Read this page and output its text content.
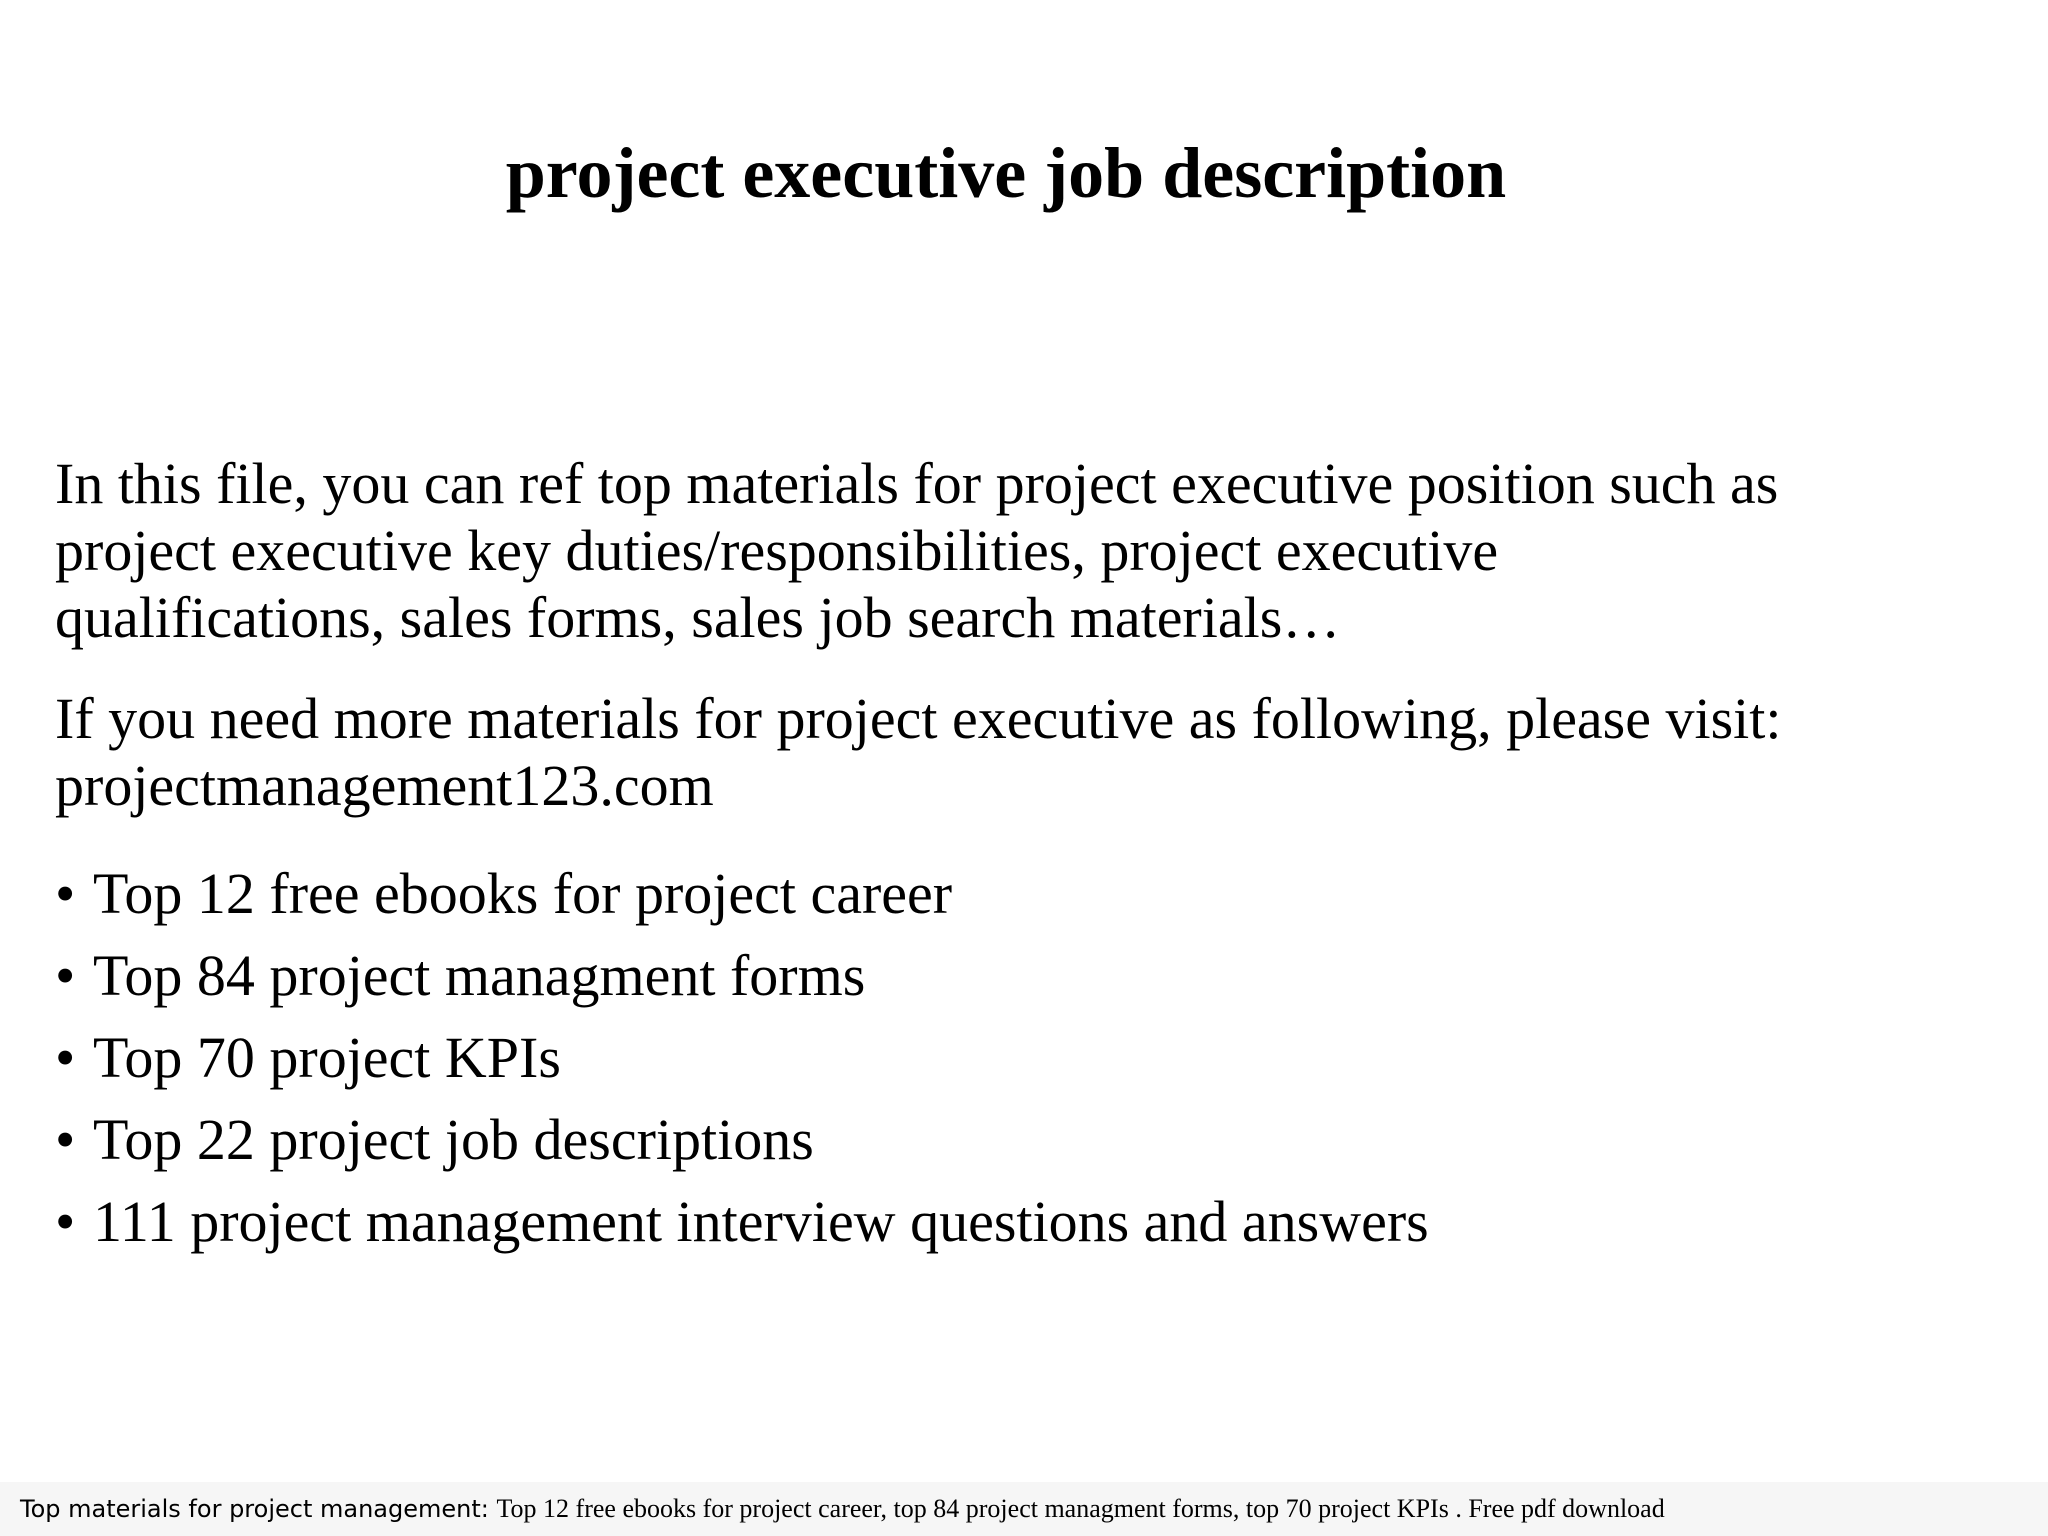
project executive job description

In this file, you can ref top materials for project executive position such as
project executive key duties/responsibilities, project executive
qualifications, sales forms, sales job search materials…

If you need more materials for project executive as following, please visit:
projectmanagement123.com

• Top 12 free ebooks for project career
• Top 84 project managment forms
• Top 70 project KPIs
• Top 22 project job descriptions
• 111 project management interview questions and answers
Top materials for project management: Top 12 free ebooks for project career, top 84 project managment forms, top 70 project KPIs . Free pdf download
